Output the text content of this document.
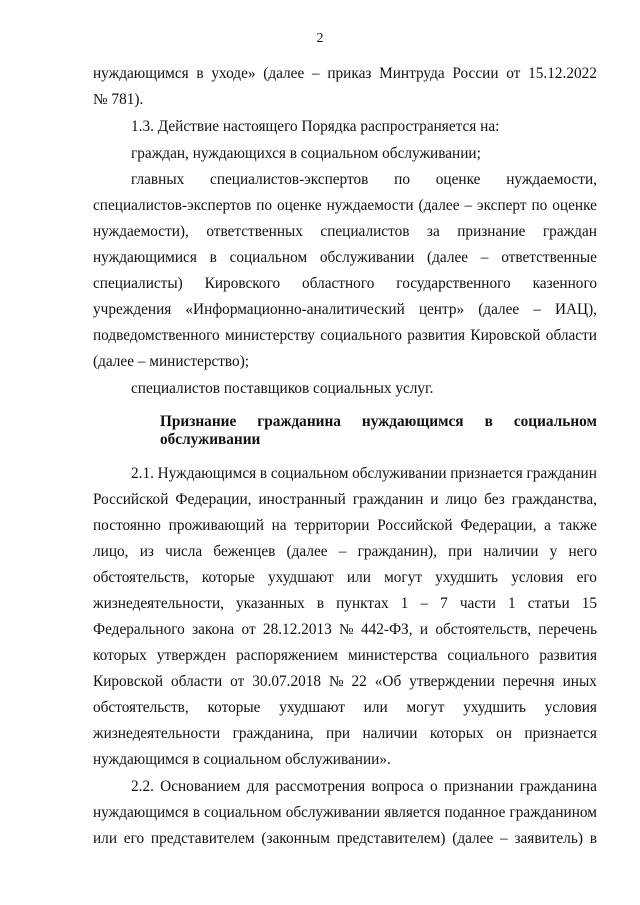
2
нуждающимся в уходе» (далее – приказ Минтруда России от 15.12.2022
№ 781).
1.3. Действие настоящего Порядка распространяется на:
граждан, нуждающихся в социальном обслуживании;
главных специалистов-экспертов по оценке нуждаемости,
специалистов-экспертов по оценке нуждаемости (далее – эксперт по оценке
нуждаемости), ответственных специалистов за признание граждан
нуждающимися в социальном обслуживании (далее – ответственные
специалисты) Кировского областного государственного казенного
учреждения «Информационно-аналитический центр» (далее – ИАЦ),
подведомственного министерству социального развития Кировской области
(далее – министерство);
специалистов поставщиков социальных услуг.
Признание гражданина нуждающимся в социальном
обслуживании
2.1. Нуждающимся в социальном обслуживании признается гражданин
Российской Федерации, иностранный гражданин и лицо без гражданства,
постоянно проживающий на территории Российской Федерации, а также
лицо, из числа беженцев (далее – гражданин), при наличии у него
обстоятельств, которые ухудшают или могут ухудшить условия его
жизнедеятельности, указанных в пунктах 1 – 7 части 1 статьи 15
Федерального закона от 28.12.2013 № 442-ФЗ, и обстоятельств, перечень
которых утвержден распоряжением министерства социального развития
Кировской области от 30.07.2018 № 22 «Об утверждении перечня иных
обстоятельств, которые ухудшают или могут ухудшить условия
жизнедеятельности гражданина, при наличии которых он признается
нуждающимся в социальном обслуживании».
2.2. Основанием для рассмотрения вопроса о признании гражданина
нуждающимся в социальном обслуживании является поданное гражданином
или его представителем (законным представителем) (далее – заявитель) в
